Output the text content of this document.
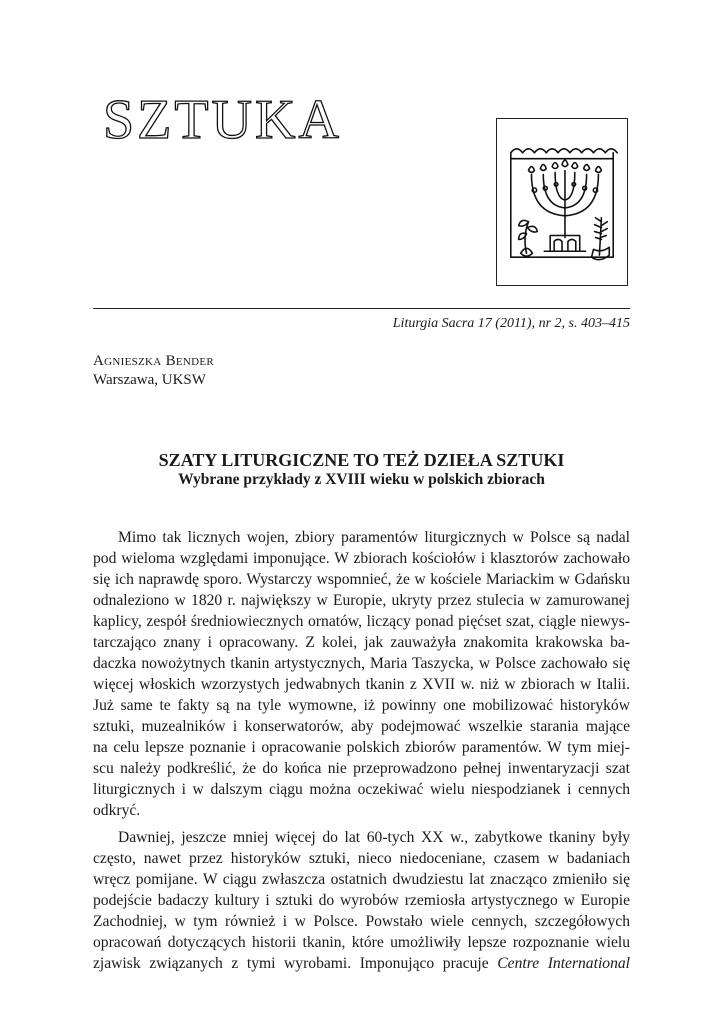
SZTUKA

Liturgia Sacra 17 (2011), nr 2, s. 403–415

Agnieszka Bender
Warszawa, UKSW
SZATY LITURGICZNE TO TEŻ DZIEŁA SZTUKI
Wybrane przykłady z XVIII wieku w polskich zbiorach

Mimo tak licznych wojen, zbiory paramentów liturgicznych w Polsce są nadal

pod wieloma względami imponujące. W zbiorach kościołów i klasztorów zachowało

się ich naprawdę sporo. Wystarczy wspomnieć, że w kościele Mariackim w Gdańsku

odnaleziono w 1820 r. największy w Europie, ukryty przez stulecia w zamurowanej

kaplicy, zespół średniowiecznych ornatów, liczący ponad pięćset szat, ciągle niewys-

tarczająco znany i opracowany. Z kolei, jak zauważyła znakomita krakowska ba-

daczka nowożytnych tkanin artystycznych, Maria Taszycka, w Polsce zachowało się

więcej włoskich wzorzystych jedwabnych tkanin z XVII w. niż w zbiorach w Italii.

Już same te fakty są na tyle wymowne, iż powinny one mobilizować historyków

sztuki, muzealników i konserwatorów, aby podejmować wszelkie starania mające

na celu lepsze poznanie i opracowanie polskich zbiorów paramentów. W tym miej-

scu należy podkreślić, że do końca nie przeprowadzono pełnej inwentaryzacji szat

liturgicznych i w dalszym ciągu można oczekiwać wielu niespodzianek i cennych

odkryć.

Dawniej, jeszcze mniej więcej do lat 60-tych XX w., zabytkowe tkaniny były

często, nawet przez historyków sztuki, nieco niedoceniane, czasem w badaniach

wręcz pomijane. W ciągu zwłaszcza ostatnich dwudziestu lat znacząco zmieniło się

podejście badaczy kultury i sztuki do wyrobów rzemiosła artystycznego w Europie

Zachodniej, w tym również i w Polsce. Powstało wiele cennych, szczegółowych

opracowań dotyczących historii tkanin, które umożliwiły lepsze rozpoznanie wielu

zjawisk związanych z tymi wyrobami. Imponująco pracuje Centre International
